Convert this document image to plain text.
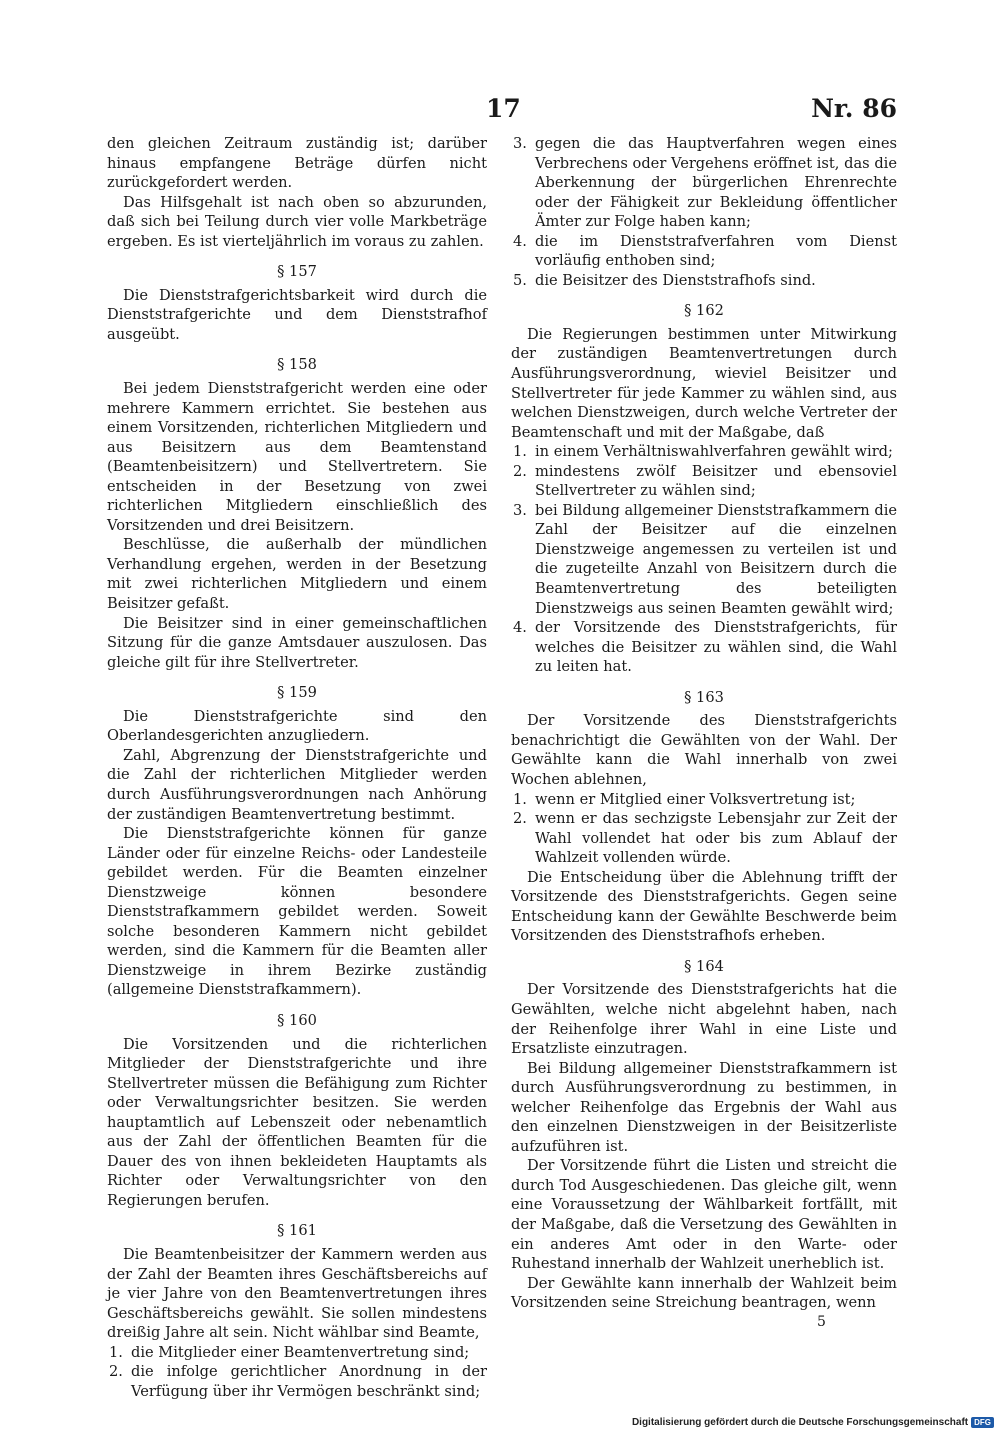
17	Nr. 86

den gleichen Zeitraum zuständig ist; darüber hinaus empfangene Beträge dürfen nicht zurückgefordert werden.

Das Hilfsgehalt ist nach oben so abzurunden, daß sich bei Teilung durch vier volle Markbeträge ergeben. Es ist vierteljährlich im voraus zu zahlen.

§ 157

Die Dienststrafgerichtsbarkeit wird durch die Dienststrafgerichte und dem Dienststrafhof ausgeübt.

§ 158

Bei jedem Dienststrafgericht werden eine oder mehrere Kammern errichtet. Sie bestehen aus einem Vorsitzenden, richterlichen Mitgliedern und aus Beisitzern aus dem Beamtenstand (Beamtenbeisitzern) und Stellvertretern. Sie entscheiden in der Besetzung von zwei richterlichen Mitgliedern einschließlich des Vorsitzenden und drei Beisitzern.

Beschlüsse, die außerhalb der mündlichen Verhandlung ergehen, werden in der Besetzung mit zwei richterlichen Mitgliedern und einem Beisitzer gefaßt.

Die Beisitzer sind in einer gemeinschaftlichen Sitzung für die ganze Amtsdauer auszulosen. Das gleiche gilt für ihre Stellvertreter.

§ 159

Die Dienststrafgerichte sind den Oberlandesgerichten anzugliedern.

Zahl, Abgrenzung der Dienststrafgerichte und die Zahl der richterlichen Mitglieder werden durch Ausführungsverordnungen nach Anhörung der zuständigen Beamtenvertretung bestimmt.

Die Dienststrafgerichte können für ganze Länder oder für einzelne Reichs- oder Landesteile gebildet werden. Für die Beamten einzelner Dienstzweige können besondere Dienststrafkammern gebildet werden. Soweit solche besonderen Kammern nicht gebildet werden, sind die Kammern für die Beamten aller Dienstzweige in ihrem Bezirke zuständig (allgemeine Dienststrafkammern).

§ 160

Die Vorsitzenden und die richterlichen Mitglieder der Dienststrafgerichte und ihre Stellvertreter müssen die Befähigung zum Richter oder Verwaltungsrichter besitzen. Sie werden hauptamtlich auf Lebenszeit oder nebenamtlich aus der Zahl der öffentlichen Beamten für die Dauer des von ihnen bekleideten Hauptamts als Richter oder Verwaltungsrichter von den Regierungen berufen.

§ 161

Die Beamtenbeisitzer der Kammern werden aus der Zahl der Beamten ihres Geschäftsbereichs auf je vier Jahre von den Beamtenvertretungen ihres Geschäftsbereichs gewählt. Sie sollen mindestens dreißig Jahre alt sein. Nicht wählbar sind Beamte,

1. die Mitglieder einer Beamtenvertretung sind;

2. die infolge gerichtlicher Anordnung in der Verfügung über ihr Vermögen beschränkt sind;

3. gegen die das Hauptverfahren wegen eines Verbrechens oder Vergehens eröffnet ist, das die Aberkennung der bürgerlichen Ehrenrechte oder der Fähigkeit zur Bekleidung öffentlicher Ämter zur Folge haben kann;

4. die im Dienststrafverfahren vom Dienst vorläufig enthoben sind;

5. die Beisitzer des Dienststrafhofs sind.

§ 162

Die Regierungen bestimmen unter Mitwirkung der zuständigen Beamtenvertretungen durch Ausführungsverordnung, wieviel Beisitzer und Stellvertreter für jede Kammer zu wählen sind, aus welchen Dienstzweigen, durch welche Vertreter der Beamtenschaft und mit der Maßgabe, daß

1. in einem Verhältniswahlverfahren gewählt wird;

2. mindestens zwölf Beisitzer und ebensoviel Stellvertreter zu wählen sind;

3. bei Bildung allgemeiner Dienststrafkammern die Zahl der Beisitzer auf die einzelnen Dienstzweige angemessen zu verteilen ist und die zugeteilte Anzahl von Beisitzern durch die Beamtenvertretung des beteiligten Dienstzweigs aus seinen Beamten gewählt wird;

4. der Vorsitzende des Dienststrafgerichts, für welches die Beisitzer zu wählen sind, die Wahl zu leiten hat.

§ 163

Der Vorsitzende des Dienststrafgerichts benachrichtigt die Gewählten von der Wahl. Der Gewählte kann die Wahl innerhalb von zwei Wochen ablehnen,

1. wenn er Mitglied einer Volksvertretung ist;

2. wenn er das sechzigste Lebensjahr zur Zeit der Wahl vollendet hat oder bis zum Ablauf der Wahlzeit vollenden würde.

Die Entscheidung über die Ablehnung trifft der Vorsitzende des Dienststrafgerichts. Gegen seine Entscheidung kann der Gewählte Beschwerde beim Vorsitzenden des Dienststrafhofs erheben.

§ 164

Der Vorsitzende des Dienststrafgerichts hat die Gewählten, welche nicht abgelehnt haben, nach der Reihenfolge ihrer Wahl in eine Liste und Ersatzliste einzutragen.

Bei Bildung allgemeiner Dienststrafkammern ist durch Ausführungsverordnung zu bestimmen, in welcher Reihenfolge das Ergebnis der Wahl aus den einzelnen Dienstzweigen in der Beisitzerliste aufzuführen ist.

Der Vorsitzende führt die Listen und streicht die durch Tod Ausgeschiedenen. Das gleiche gilt, wenn eine Voraussetzung der Wählbarkeit fortfällt, mit der Maßgabe, daß die Versetzung des Gewählten in ein anderes Amt oder in den Warte- oder Ruhestand innerhalb der Wahlzeit unerheblich ist.

Der Gewählte kann innerhalb der Wahlzeit beim Vorsitzenden seine Streichung beantragen, wenn

5
Digitalisierung gefördert durch die Deutsche Forschungsgemeinschaft DFG
